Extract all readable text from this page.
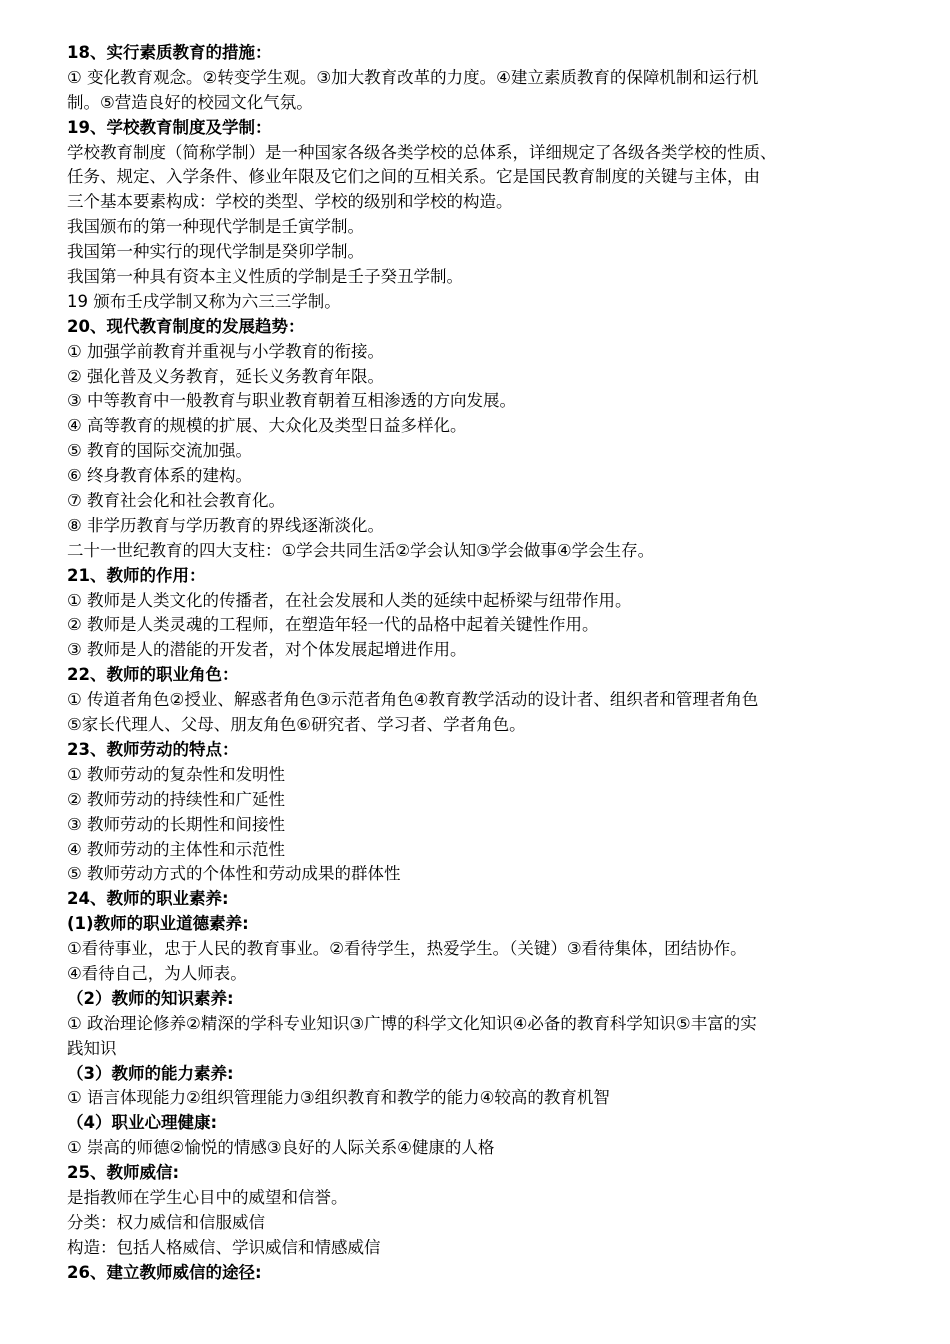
18、实行素质教育的措施：
① 变化教育观念。②转变学生观。③加大教育改革的力度。④建立素质教育的保障机制和运行机
制。⑤营造良好的校园文化气氛。
19、学校教育制度及学制：
学校教育制度（简称学制）是一种国家各级各类学校的总体系，详细规定了各级各类学校的性质、
任务、规定、入学条件、修业年限及它们之间的互相关系。它是国民教育制度的关键与主体，由
三个基本要素构成：学校的类型、学校的级别和学校的构造。
我国颁布的第一种现代学制是壬寅学制。
我国第一种实行的现代学制是癸卯学制。
我国第一种具有资本主义性质的学制是壬子癸丑学制。
19 颁布壬戌学制又称为六三三学制。
20、现代教育制度的发展趋势：
① 加强学前教育并重视与小学教育的衔接。
② 强化普及义务教育，延长义务教育年限。
③ 中等教育中一般教育与职业教育朝着互相渗透的方向发展。
④ 高等教育的规模的扩展、大众化及类型日益多样化。
⑤ 教育的国际交流加强。
⑥ 终身教育体系的建构。
⑦ 教育社会化和社会教育化。
⑧ 非学历教育与学历教育的界线逐渐淡化。
二十一世纪教育的四大支柱：①学会共同生活②学会认知③学会做事④学会生存。
21、教师的作用：
① 教师是人类文化的传播者，在社会发展和人类的延续中起桥梁与纽带作用。
② 教师是人类灵魂的工程师，在塑造年轻一代的品格中起着关键性作用。
③ 教师是人的潜能的开发者，对个体发展起增进作用。
22、教师的职业角色：
① 传道者角色②授业、解惑者角色③示范者角色④教育教学活动的设计者、组织者和管理者角色
⑤家长代理人、父母、朋友角色⑥研究者、学习者、学者角色。
23、教师劳动的特点：
① 教师劳动的复杂性和发明性
② 教师劳动的持续性和广延性
③ 教师劳动的长期性和间接性
④ 教师劳动的主体性和示范性
⑤ 教师劳动方式的个体性和劳动成果的群体性
24、教师的职业素养:
(1)教师的职业道德素养:
①看待事业，忠于人民的教育事业。②看待学生，热爱学生。（关键）③看待集体，团结协作。
④看待自己，为人师表。
（2）教师的知识素养:
① 政治理论修养②精深的学科专业知识③广博的科学文化知识④必备的教育科学知识⑤丰富的实
践知识
（3）教师的能力素养:
① 语言体现能力②组织管理能力③组织教育和教学的能力④较高的教育机智
（4）职业心理健康:
① 崇高的师德②愉悦的情感③良好的人际关系④健康的人格
25、教师威信:
是指教师在学生心目中的威望和信誉。
分类：权力威信和信服威信
构造：包括人格威信、学识威信和情感威信
26、建立教师威信的途径:
